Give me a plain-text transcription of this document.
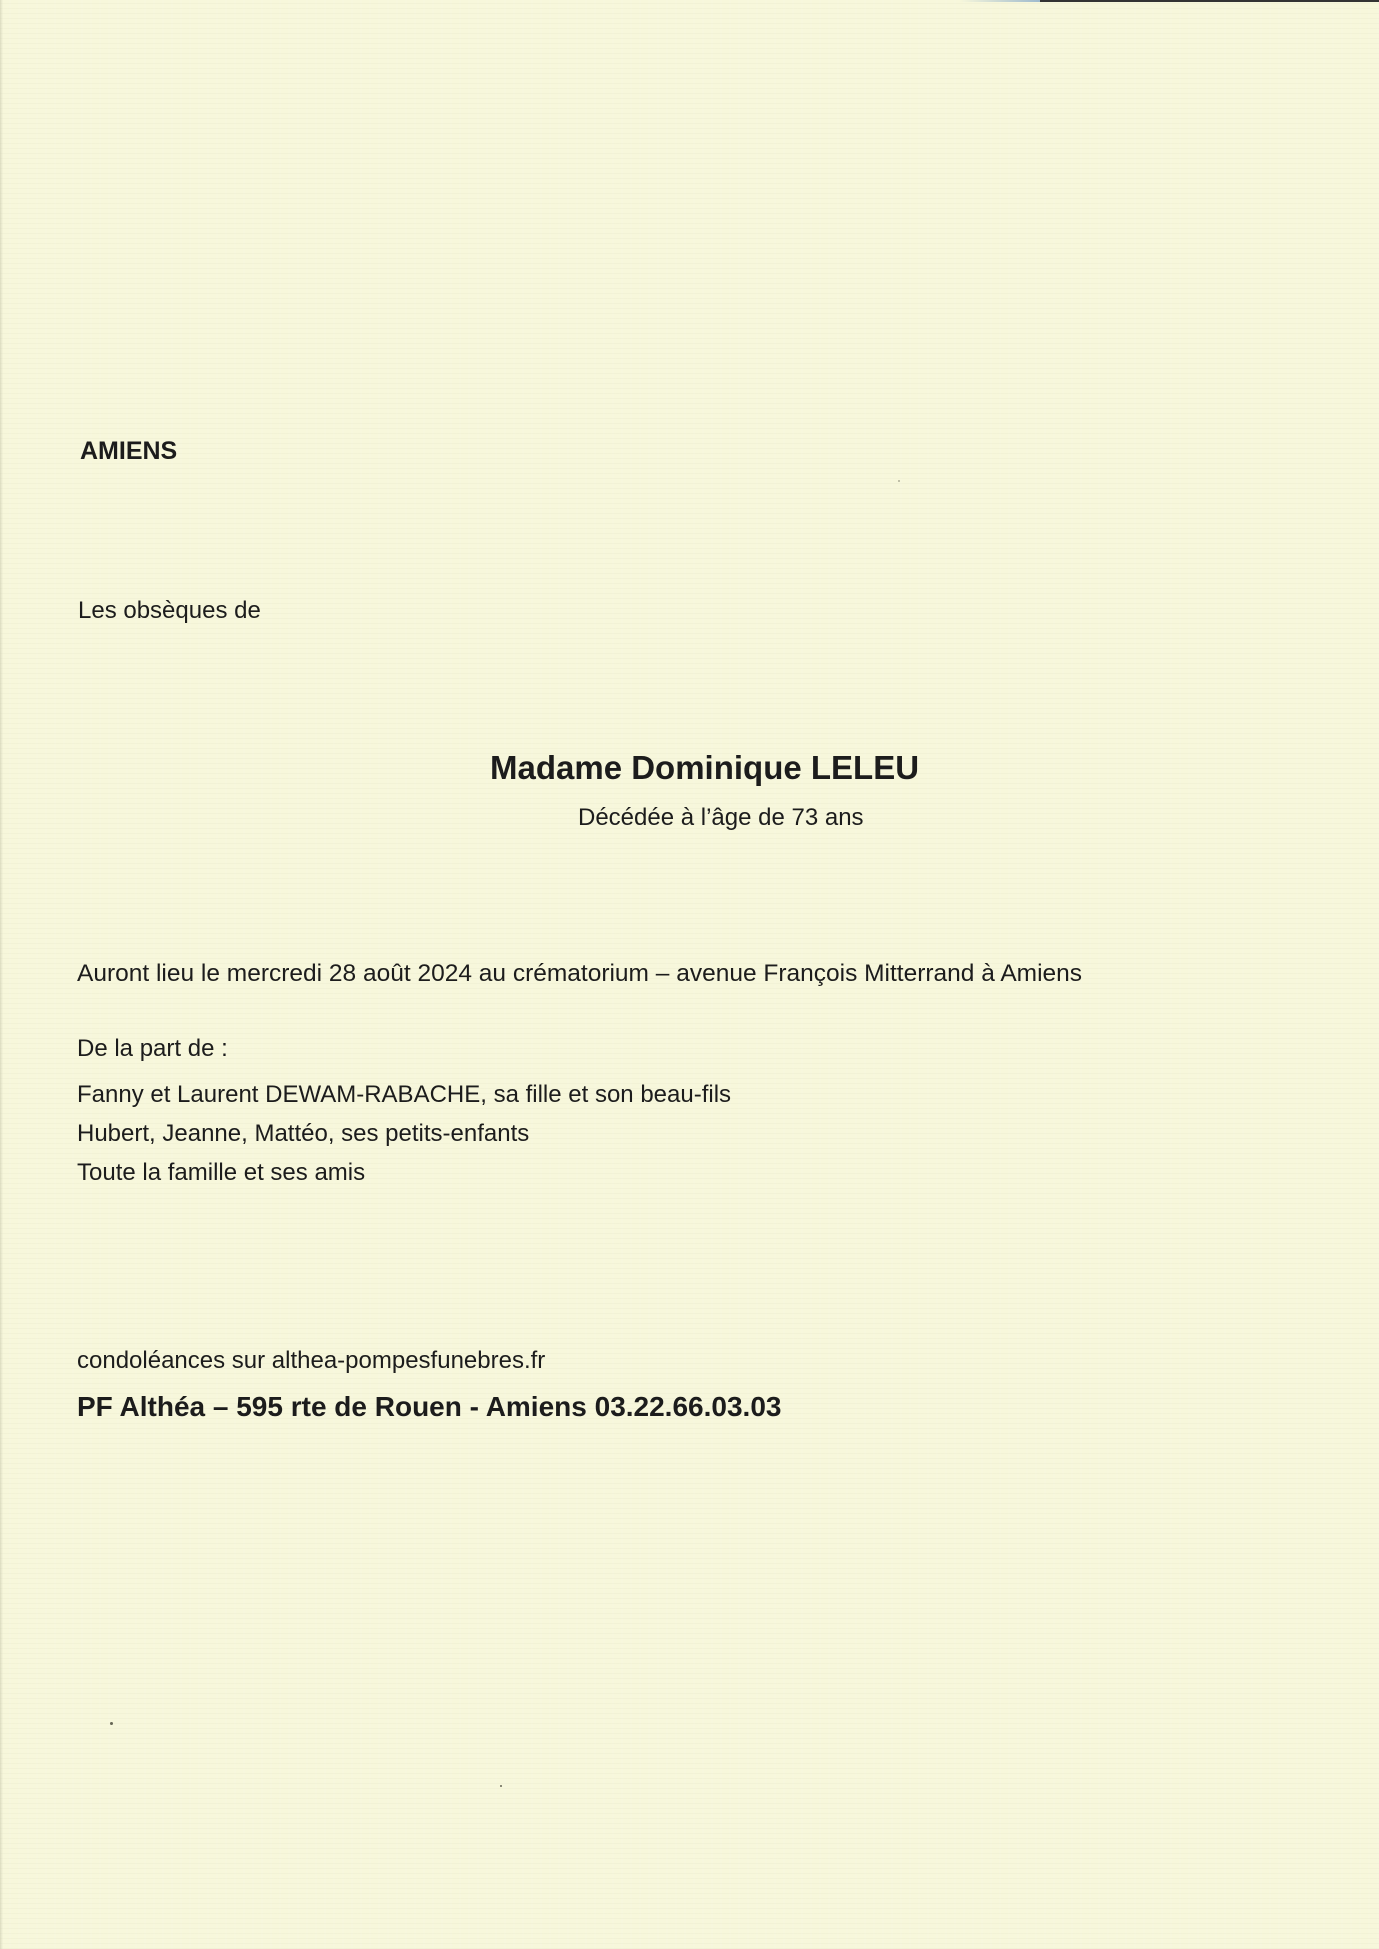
AMIENS

Les obsèques de

Madame Dominique LELEU

Décédée à l’âge de 73 ans

Auront lieu le mercredi 28 août 2024 au crématorium – avenue François Mitterrand à Amiens

De la part de :

Fanny et Laurent DEWAM-RABACHE, sa fille et son beau-fils
Hubert, Jeanne, Mattéo, ses petits-enfants
Toute la famille et ses amis

condoléances sur althea-pompesfunebres.fr

PF Althéa – 595 rte de Rouen - Amiens 03.22.66.03.03
